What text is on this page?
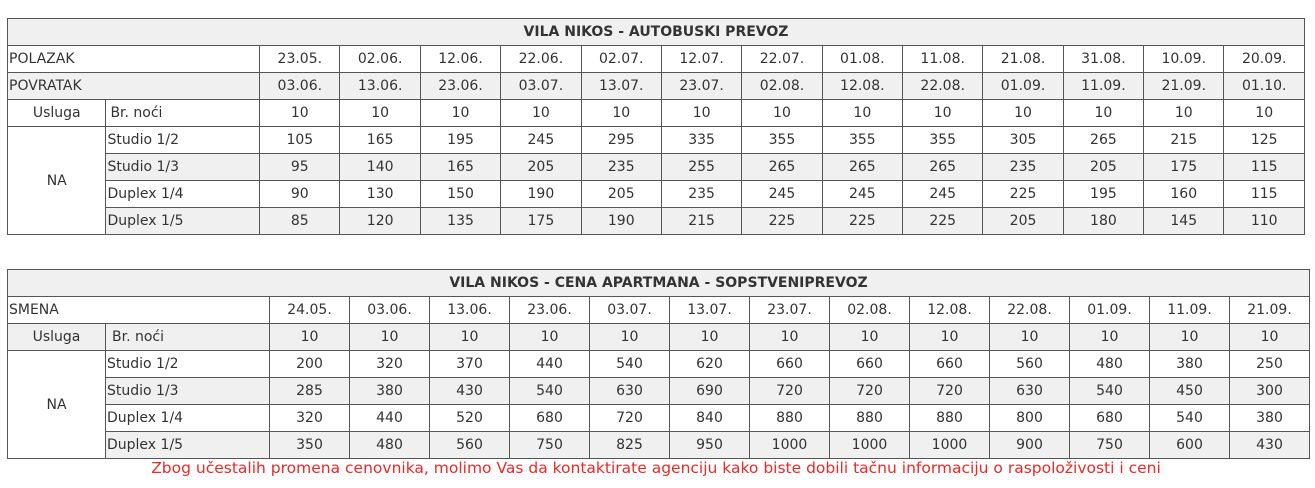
VILA NIKOS - AUTOBUSKI PREVOZ														
POLAZAK		23.05.	02.06.	12.06.	22.06.	02.07.	12.07.	22.07.	01.08.	11.08.	21.08.	31.08.	10.09.	20.09.
POVRATAK		03.06.	13.06.	23.06.	03.07.	13.07.	23.07.	02.08.	12.08.	22.08.	01.09.	11.09.	21.09.	01.10.
Usluga	Br. noći	10	10	10	10	10	10	10	10	10	10	10	10	10
NA	Studio 1/2	105	165	195	245	295	335	355	355	355	305	265	215	125
	Studio 1/3	95	140	165	205	235	255	265	265	265	235	205	175	115
	Duplex 1/4	90	130	150	190	205	235	245	245	245	225	195	160	115
	Duplex 1/5	85	120	135	175	190	215	225	225	225	205	180	145	110
VILA NIKOS - CENA APARTMANA - SOPSTVENIPREVOZ														
SMENA		24.05.	03.06.	13.06.	23.06.	03.07.	13.07.	23.07.	02.08.	12.08.	22.08.	01.09.	11.09.	21.09.
Usluga	Br. noći	10	10	10	10	10	10	10	10	10	10	10	10	10
NA	Studio 1/2	200	320	370	440	540	620	660	660	660	560	480	380	250
	Studio 1/3	285	380	430	540	630	690	720	720	720	630	540	450	300
	Duplex 1/4	320	440	520	680	720	840	880	880	880	800	680	540	380
	Duplex 1/5	350	480	560	750	825	950	1000	1000	1000	900	750	600	430
Zbog učestalih promena cenovnika, molimo Vas da kontaktirate agenciju kako biste dobili tačnu informaciju o raspoloživosti i ceni
